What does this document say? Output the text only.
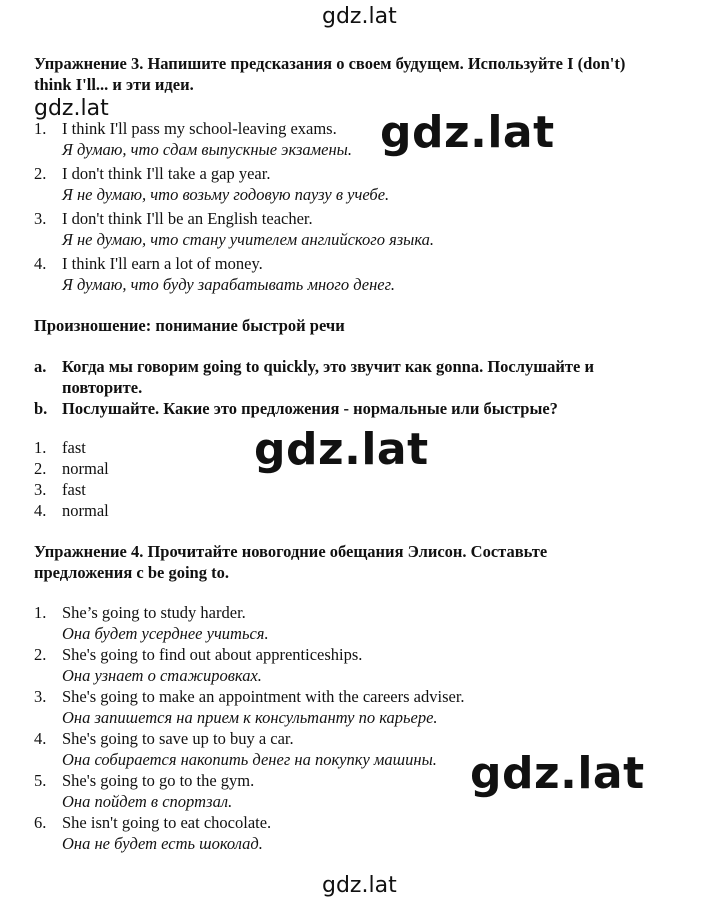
gdz.lat
gdz.lat	gdz.lat
gdz.lat
gdz.lat
gdz.lat
Упражнение 3. Напишите предсказания о своем будущем. Используйте I (don't) think I'll... и эти идеи.
1. I think I'll pass my school-leaving exams.
Я думаю, что сдам выпускные экзамены.
2. I don't think I'll take a gap year.
Я не думаю, что возьму годовую паузу в учебе.
3. I don't think I'll be an English teacher.
Я не думаю, что стану учителем английского языка.
4. I think I'll earn a lot of money.
Я думаю, что буду зарабатывать много денег.
Произношение: понимание быстрой речи
a. Когда мы говорим going to quickly, это звучит как gonna. Послушайте и повторите.
b. Послушайте. Какие это предложения - нормальные или быстрые?
1. fast
2. normal
3. fast
4. normal
Упражнение 4. Прочитайте новогодние обещания Элисон. Составьте предложения с be going to.
1. She’s going to study harder.
Она будет усерднее учиться.
2. She's going to find out about apprenticeships.
Она узнает о стажировках.
3. She's going to make an appointment with the careers adviser.
Она запишется на прием к консультанту по карьере.
4. She's going to save up to buy a car.
Она собирается накопить денег на покупку машины.
5. She's going to go to the gym.
Она пойдет в спортзал.
6. She isn't going to eat chocolate.
Она не будет есть шоколад.
